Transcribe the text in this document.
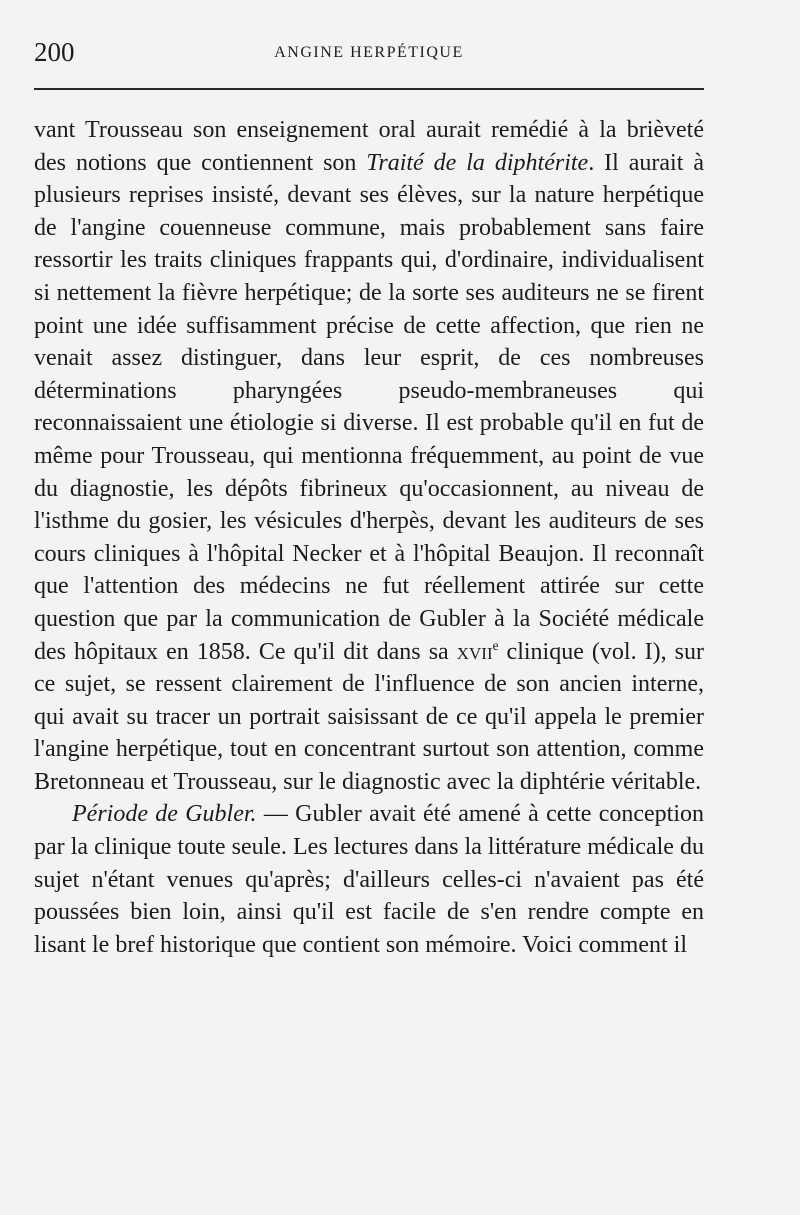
200	ANGINE HERPÉTIQUE

vant Trousseau son enseignement oral aurait remédié à la brièveté des notions que contiennent son Traité de la diphtérite. Il aurait à plusieurs reprises insisté, devant ses élèves, sur la nature herpétique de l'angine couenneuse commune, mais probablement sans faire ressortir les traits cliniques frappants qui, d'ordinaire, individualisent si nettement la fièvre herpétique; de la sorte ses auditeurs ne se firent point une idée suffisamment précise de cette affection, que rien ne venait assez distinguer, dans leur esprit, de ces nombreuses déterminations pharyngées pseudo-membraneuses qui reconnaissaient une étiologie si diverse. Il est probable qu'il en fut de même pour Trousseau, qui mentionna fréquemment, au point de vue du diagnostie, les dépôts fibrineux qu'occasionnent, au niveau de l'isthme du gosier, les vésicules d'herpès, devant les auditeurs de ses cours cliniques à l'hôpital Necker et à l'hôpital Beaujon. Il reconnaît que l'attention des médecins ne fut réellement attirée sur cette question que par la communication de Gubler à la Société médicale des hôpitaux en 1858. Ce qu'il dit dans sa xvii$^e$ clinique (vol. I), sur ce sujet, se ressent clairement de l'influence de son ancien interne, qui avait su tracer un portrait saisissant de ce qu'il appela le premier l'angine herpétique, tout en concentrant surtout son attention, comme Bretonneau et Trousseau, sur le diagnostic avec la diphtérie véritable.

Période de Gubler. — Gubler avait été amené à cette conception par la clinique toute seule. Les lectures dans la littérature médicale du sujet n'étant venues qu'après; d'ailleurs celles-ci n'avaient pas été poussées bien loin, ainsi qu'il est facile de s'en rendre compte en lisant le bref historique que contient son mémoire. Voici comment il
